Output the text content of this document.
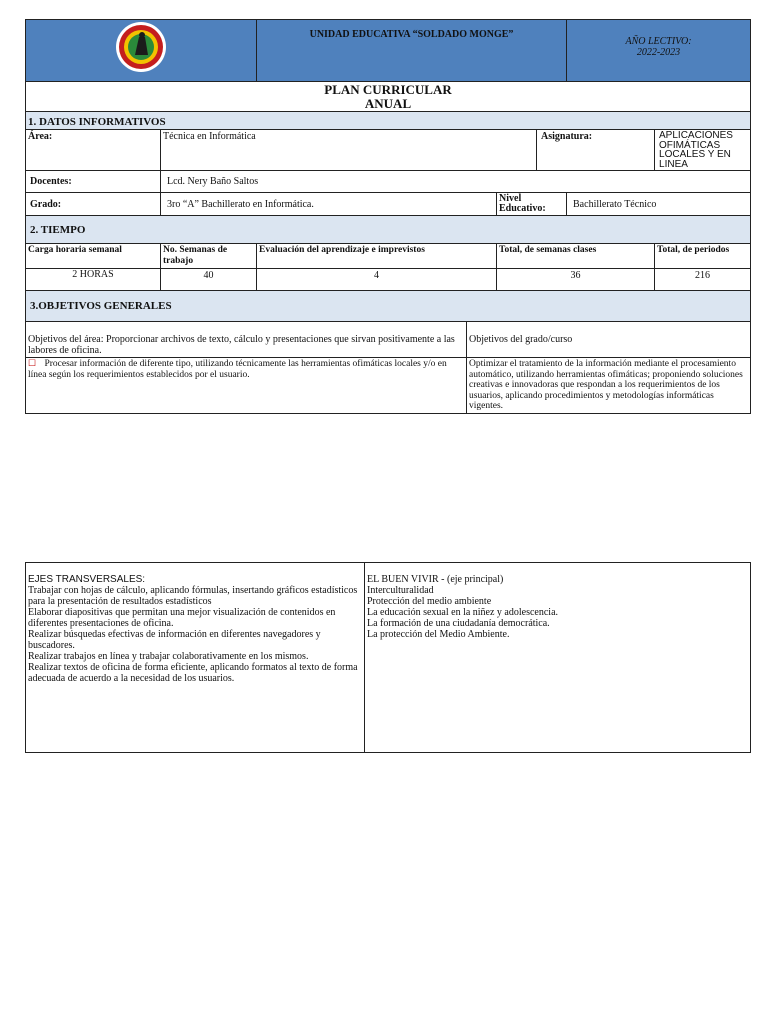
	UNIDAD EDUCATIVA “SOLDADO MONGE”				AÑO LECTIVO:
2022-2023	

PLAN CURRICULAR
ANUAL							

1. DATOS INFORMATIVOS							
Área:	Técnica en Informática				Asignatura:		APLICACIONES OFIMÁTICAS LOCALES Y EN LINEA
Docentes:	Lcd. Nery Baño Saltos						
Grado:	3ro “A” Bachillerato en Informática.			Nivel Educativo:		Bachillerato Técnico	
2. TIEMPO							
Carga horaria semanal	No. Semanas de trabajo	Evaluación del aprendizaje e imprevistos		Total, de semanas clases			Total, de periodos
2 HORAS	40	4		36			216
3.OBJETIVOS GENERALES							
Objetivos del área: Proporcionar archivos de texto, cálculo y presentaciones que sirvan positivamente a las labores de oficina.			Objetivos del grado/curso				
☐ Procesar información de diferente tipo, utilizando técnicamente las herramientas ofimáticas locales y/o en línea según los requerimientos establecidos por el usuario.			Optimizar el tratamiento de la información mediante el procesamiento automático, utilizando herramientas ofimáticas; proponiendo soluciones creativas e innovadoras que respondan a los requerimientos de los usuarios, aplicando procedimientos y metodologías informáticas vigentes.				
EJES TRANSVERSALES:
Trabajar con hojas de cálculo, aplicando fórmulas, insertando gráficos estadísticos para la presentación de resultados estadísticos
Elaborar diapositivas que permitan una mejor visualización de contenidos en diferentes presentaciones de oficina.
Realizar búsquedas efectivas de información en diferentes navegadores y buscadores.
Realizar trabajos en línea y trabajar colaborativamente en los mismos.
Realizar textos de oficina de forma eficiente, aplicando formatos al texto de forma adecuada de acuerdo a la necesidad de los usuarios.

EL BUEN VIVIR - (eje principal)
Interculturalidad
Protección del medio ambiente
La educación sexual en la niñez y adolescencia.
La formación de una ciudadanía democrática.
La protección del Medio Ambiente.
